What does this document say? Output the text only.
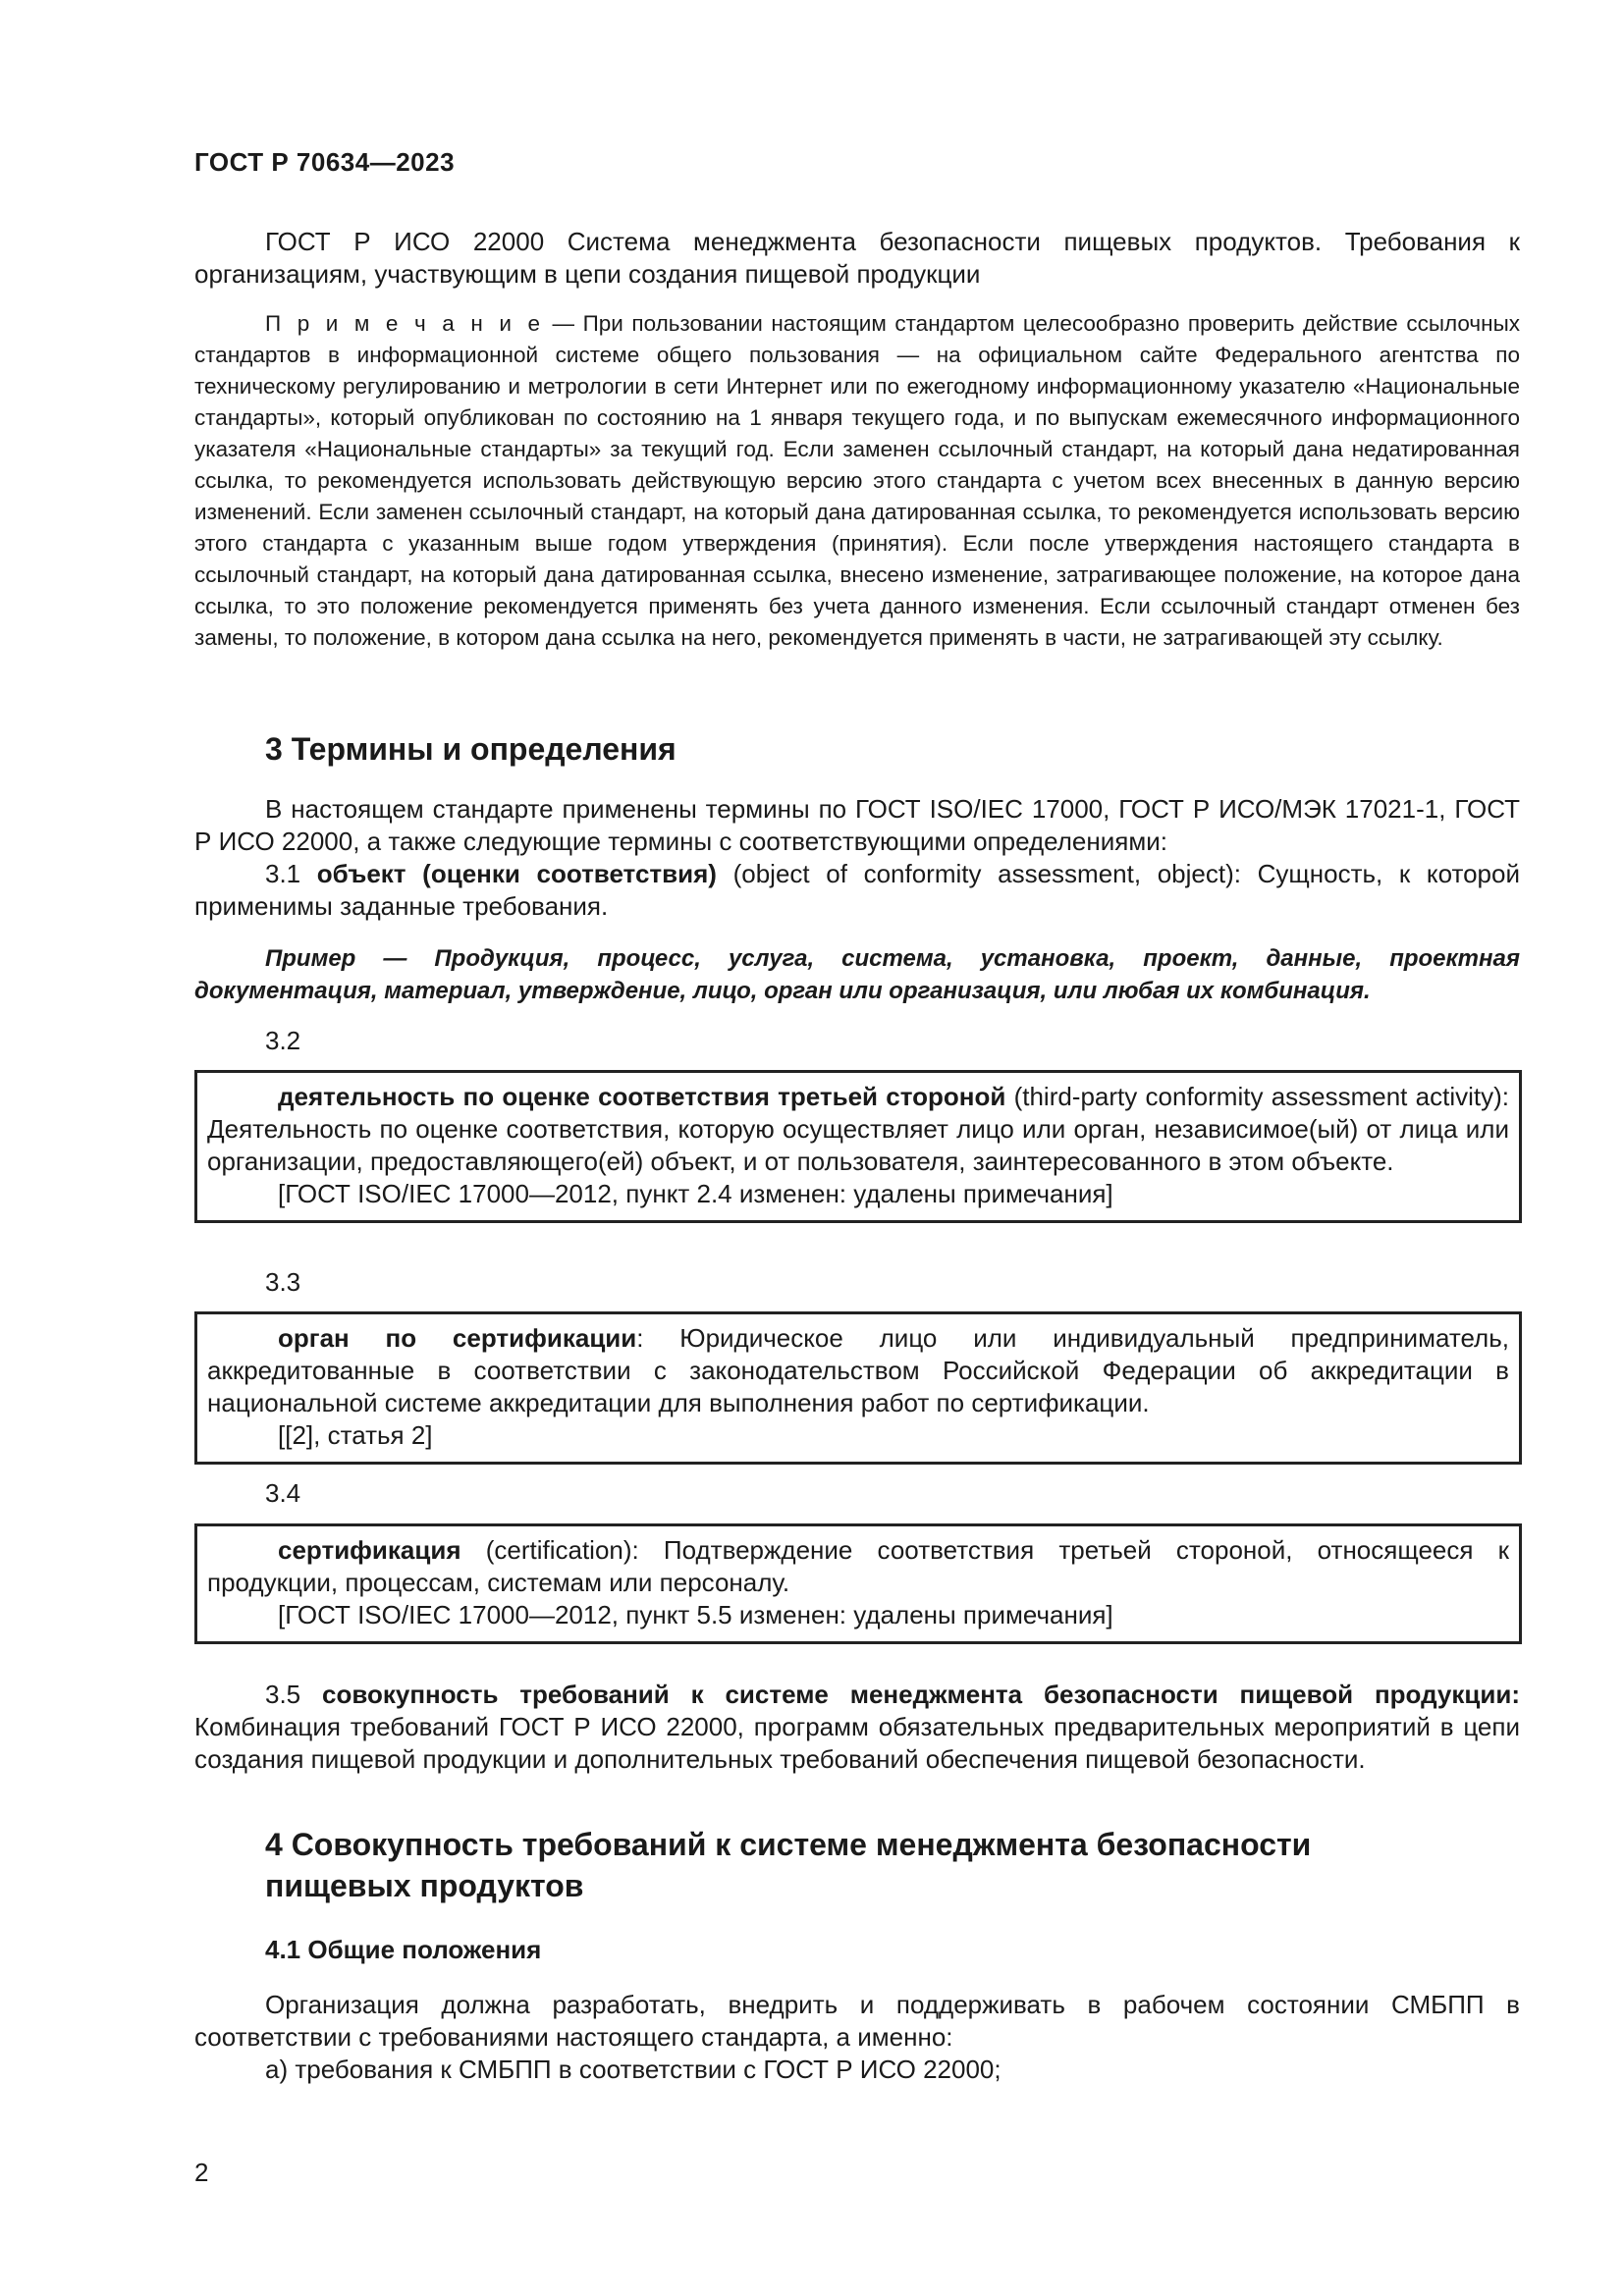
ГОСТ Р 70634—2023

ГОСТ Р ИСО 22000 Система менеджмента безопасности пищевых продуктов. Требования к организациям, участвующим в цепи создания пищевой продукции

П р и м е ч а н и е — При пользовании настоящим стандартом целесообразно проверить действие ссылочных стандартов в информационной системе общего пользования — на официальном сайте Федерального агентства по техническому регулированию и метрологии в сети Интернет или по ежегодному информационному указателю «Национальные стандарты», который опубликован по состоянию на 1 января текущего года, и по выпускам ежемесячного информационного указателя «Национальные стандарты» за текущий год. Если заменен ссылочный стандарт, на который дана недатированная ссылка, то рекомендуется использовать действующую версию этого стандарта с учетом всех внесенных в данную версию изменений. Если заменен ссылочный стандарт, на который дана датированная ссылка, то рекомендуется использовать версию этого стандарта с указанным выше годом утверждения (принятия). Если после утверждения настоящего стандарта в ссылочный стандарт, на который дана датированная ссылка, внесено изменение, затрагивающее положение, на которое дана ссылка, то это положение рекомендуется применять без учета данного изменения. Если ссылочный стандарт отменен без замены, то положение, в котором дана ссылка на него, рекомендуется применять в части, не затрагивающей эту ссылку.

3 Термины и определения

В настоящем стандарте применены термины по ГОСТ ISO/IEC 17000, ГОСТ Р ИСО/МЭК 17021-1, ГОСТ Р ИСО 22000, а также следующие термины с соответствующими определениями:

3.1 объект (оценки соответствия) (object of conformity assessment, object): Сущность, к которой применимы заданные требования.

Пример — Продукция, процесс, услуга, система, установка, проект, данные, проектная документация, материал, утверждение, лицо, орган или организация, или любая их комбинация.

3.2

деятельность по оценке соответствия третьей стороной (third-party conformity assessment activity): Деятельность по оценке соответствия, которую осуществляет лицо или орган, независимое(ый) от лица или организации, предоставляющего(ей) объект, и от пользователя, заинтересованного в этом объекте.

[ГОСТ ISO/IEC 17000—2012, пункт 2.4 изменен: удалены примечания]

3.3

орган по сертификации: Юридическое лицо или индивидуальный предприниматель, аккредитованные в соответствии с законодательством Российской Федерации об аккредитации в национальной системе аккредитации для выполнения работ по сертификации.

[[2], статья 2]

3.4

сертификация (certification): Подтверждение соответствия третьей стороной, относящееся к продукции, процессам, системам или персоналу.

[ГОСТ ISO/IEC 17000—2012, пункт 5.5 изменен: удалены примечания]

3.5 совокупность требований к системе менеджмента безопасности пищевой продукции: Комбинация требований ГОСТ Р ИСО 22000, программ обязательных предварительных мероприятий в цепи создания пищевой продукции и дополнительных требований обеспечения пищевой безопасности.

4 Совокупность требований к системе менеджмента безопасности

пищевых продуктов

4.1 Общие положения

Организация должна разработать, внедрить и поддерживать в рабочем состоянии СМБПП в соответствии с требованиями настоящего стандарта, а именно:

а) требования к СМБПП в соответствии с ГОСТ Р ИСО 22000;

2
